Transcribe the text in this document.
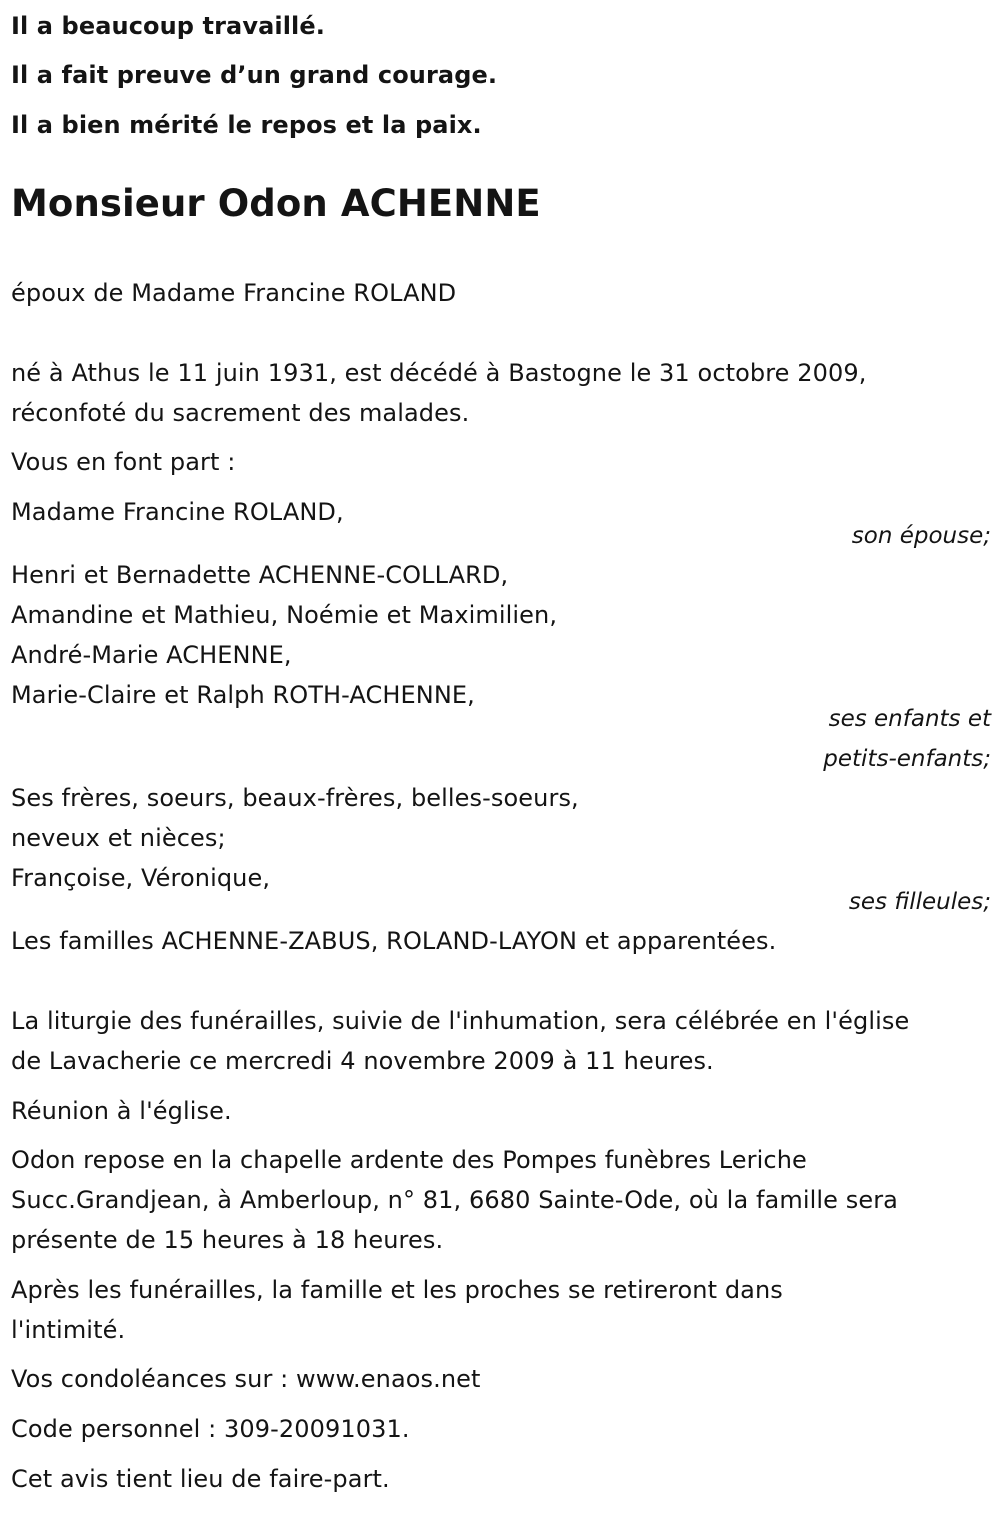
Il a beaucoup travaillé.
Il a fait preuve d’un grand courage.
Il a bien mérité le repos et la paix.
Monsieur Odon ACHENNE
époux de Madame Francine ROLAND
né à Athus le 11 juin 1931, est décédé à Bastogne le 31 octobre 2009,
réconfoté du sacrement des malades.
Vous en font part :
Madame Francine ROLAND,
son épouse;
Henri et Bernadette ACHENNE-COLLARD,
Amandine et Mathieu, Noémie et Maximilien,
André-Marie ACHENNE,
Marie-Claire et Ralph ROTH-ACHENNE,
ses enfants et
petits-enfants;
Ses frères, soeurs, beaux-frères, belles-soeurs,
neveux et nièces;
Françoise, Véronique,
ses filleules;
Les familles ACHENNE-ZABUS, ROLAND-LAYON et apparentées.
La liturgie des funérailles, suivie de l'inhumation, sera célébrée en l'église
de Lavacherie ce mercredi 4 novembre 2009 à 11 heures.
Réunion à l'église.
Odon repose en la chapelle ardente des Pompes funèbres Leriche
Succ.Grandjean, à Amberloup, n° 81, 6680 Sainte-Ode, où la famille sera
présente de 15 heures à 18 heures.
Après les funérailles, la famille et les proches se retireront dans
l'intimité.
Vos condoléances sur : www.enaos.net
Code personnel : 309-20091031.
Cet avis tient lieu de faire-part.
